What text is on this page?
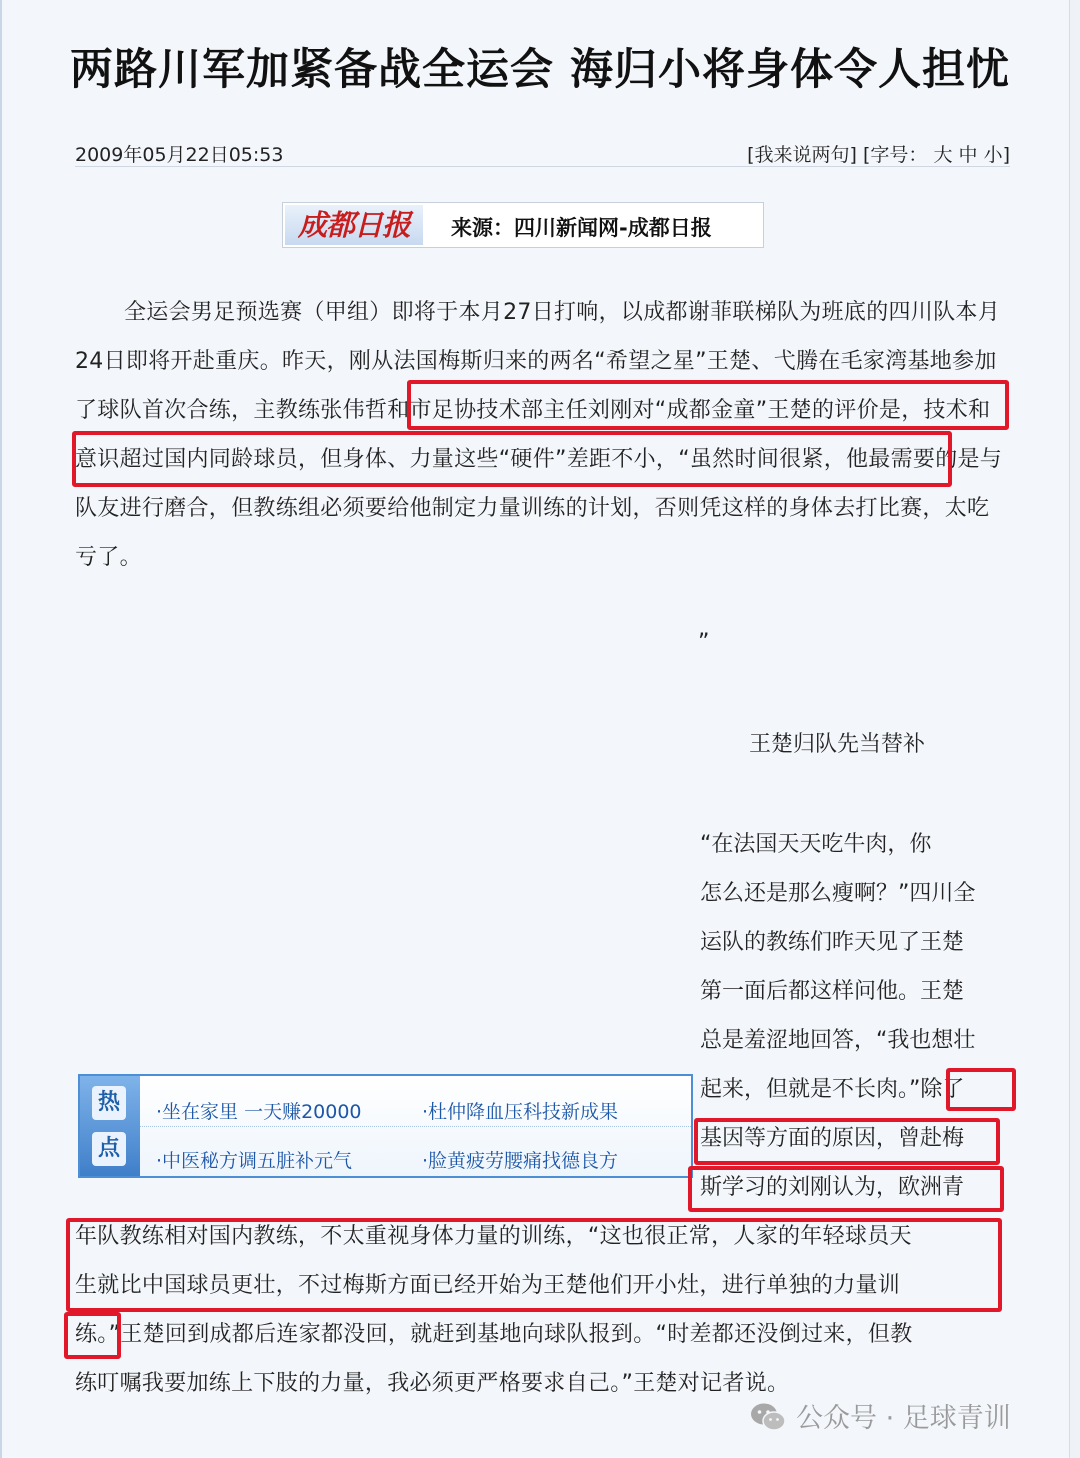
两路川军加紧备战全运会 海归小将身体令人担忧
2009年05月22日05:53	[我来说两句] [字号： 大 中 小]
成都日报	来源：四川新闻网-成都日报
全运会男足预选赛（甲组）即将于本月27日打响，以成都谢菲联梯队为班底的四川队本月24日即将开赴重庆。昨天，刚从法国梅斯归来的两名“希望之星”王楚、弋腾在毛家湾基地参加了球队首次合练，主教练张伟哲和市足协技术部主任刘刚对“成都金童”王楚的评价是，技术和意识超过国内同龄球员，但身体、力量这些“硬件”差距不小，“虽然时间很紧，他最需要的是与队友进行磨合，但教练组必须要给他制定力量训练的计划，否则凭这样的身体去打比赛，太吃亏了。
”
王楚归队先当替补
“在法国天天吃牛肉，你
怎么还是那么瘦啊？”四川全
运队的教练们昨天见了王楚
第一面后都这样问他。王楚
总是羞涩地回答，“我也想壮
起来，但就是不长肉。”除了
基因等方面的原因，曾赴梅
斯学习的刘刚认为，欧洲青
年队教练相对国内教练，不太重视身体力量的训练，“这也很正常，人家的年轻球员天
生就比中国球员更壮，不过梅斯方面已经开始为王楚他们开小灶，进行单独的力量训
练。”王楚回到成都后连家都没回，就赶到基地向球队报到。“时差都还没倒过来，但教
练叮嘱我要加练上下肢的力量，我必须更严格要求自己。”王楚对记者说。
热
点
·坐在家里 一天赚20000	·杜仲降血压科技新成果
·中医秘方调五脏补元气	·脸黄疲劳腰痛找德良方
公众号 · 足球青训
